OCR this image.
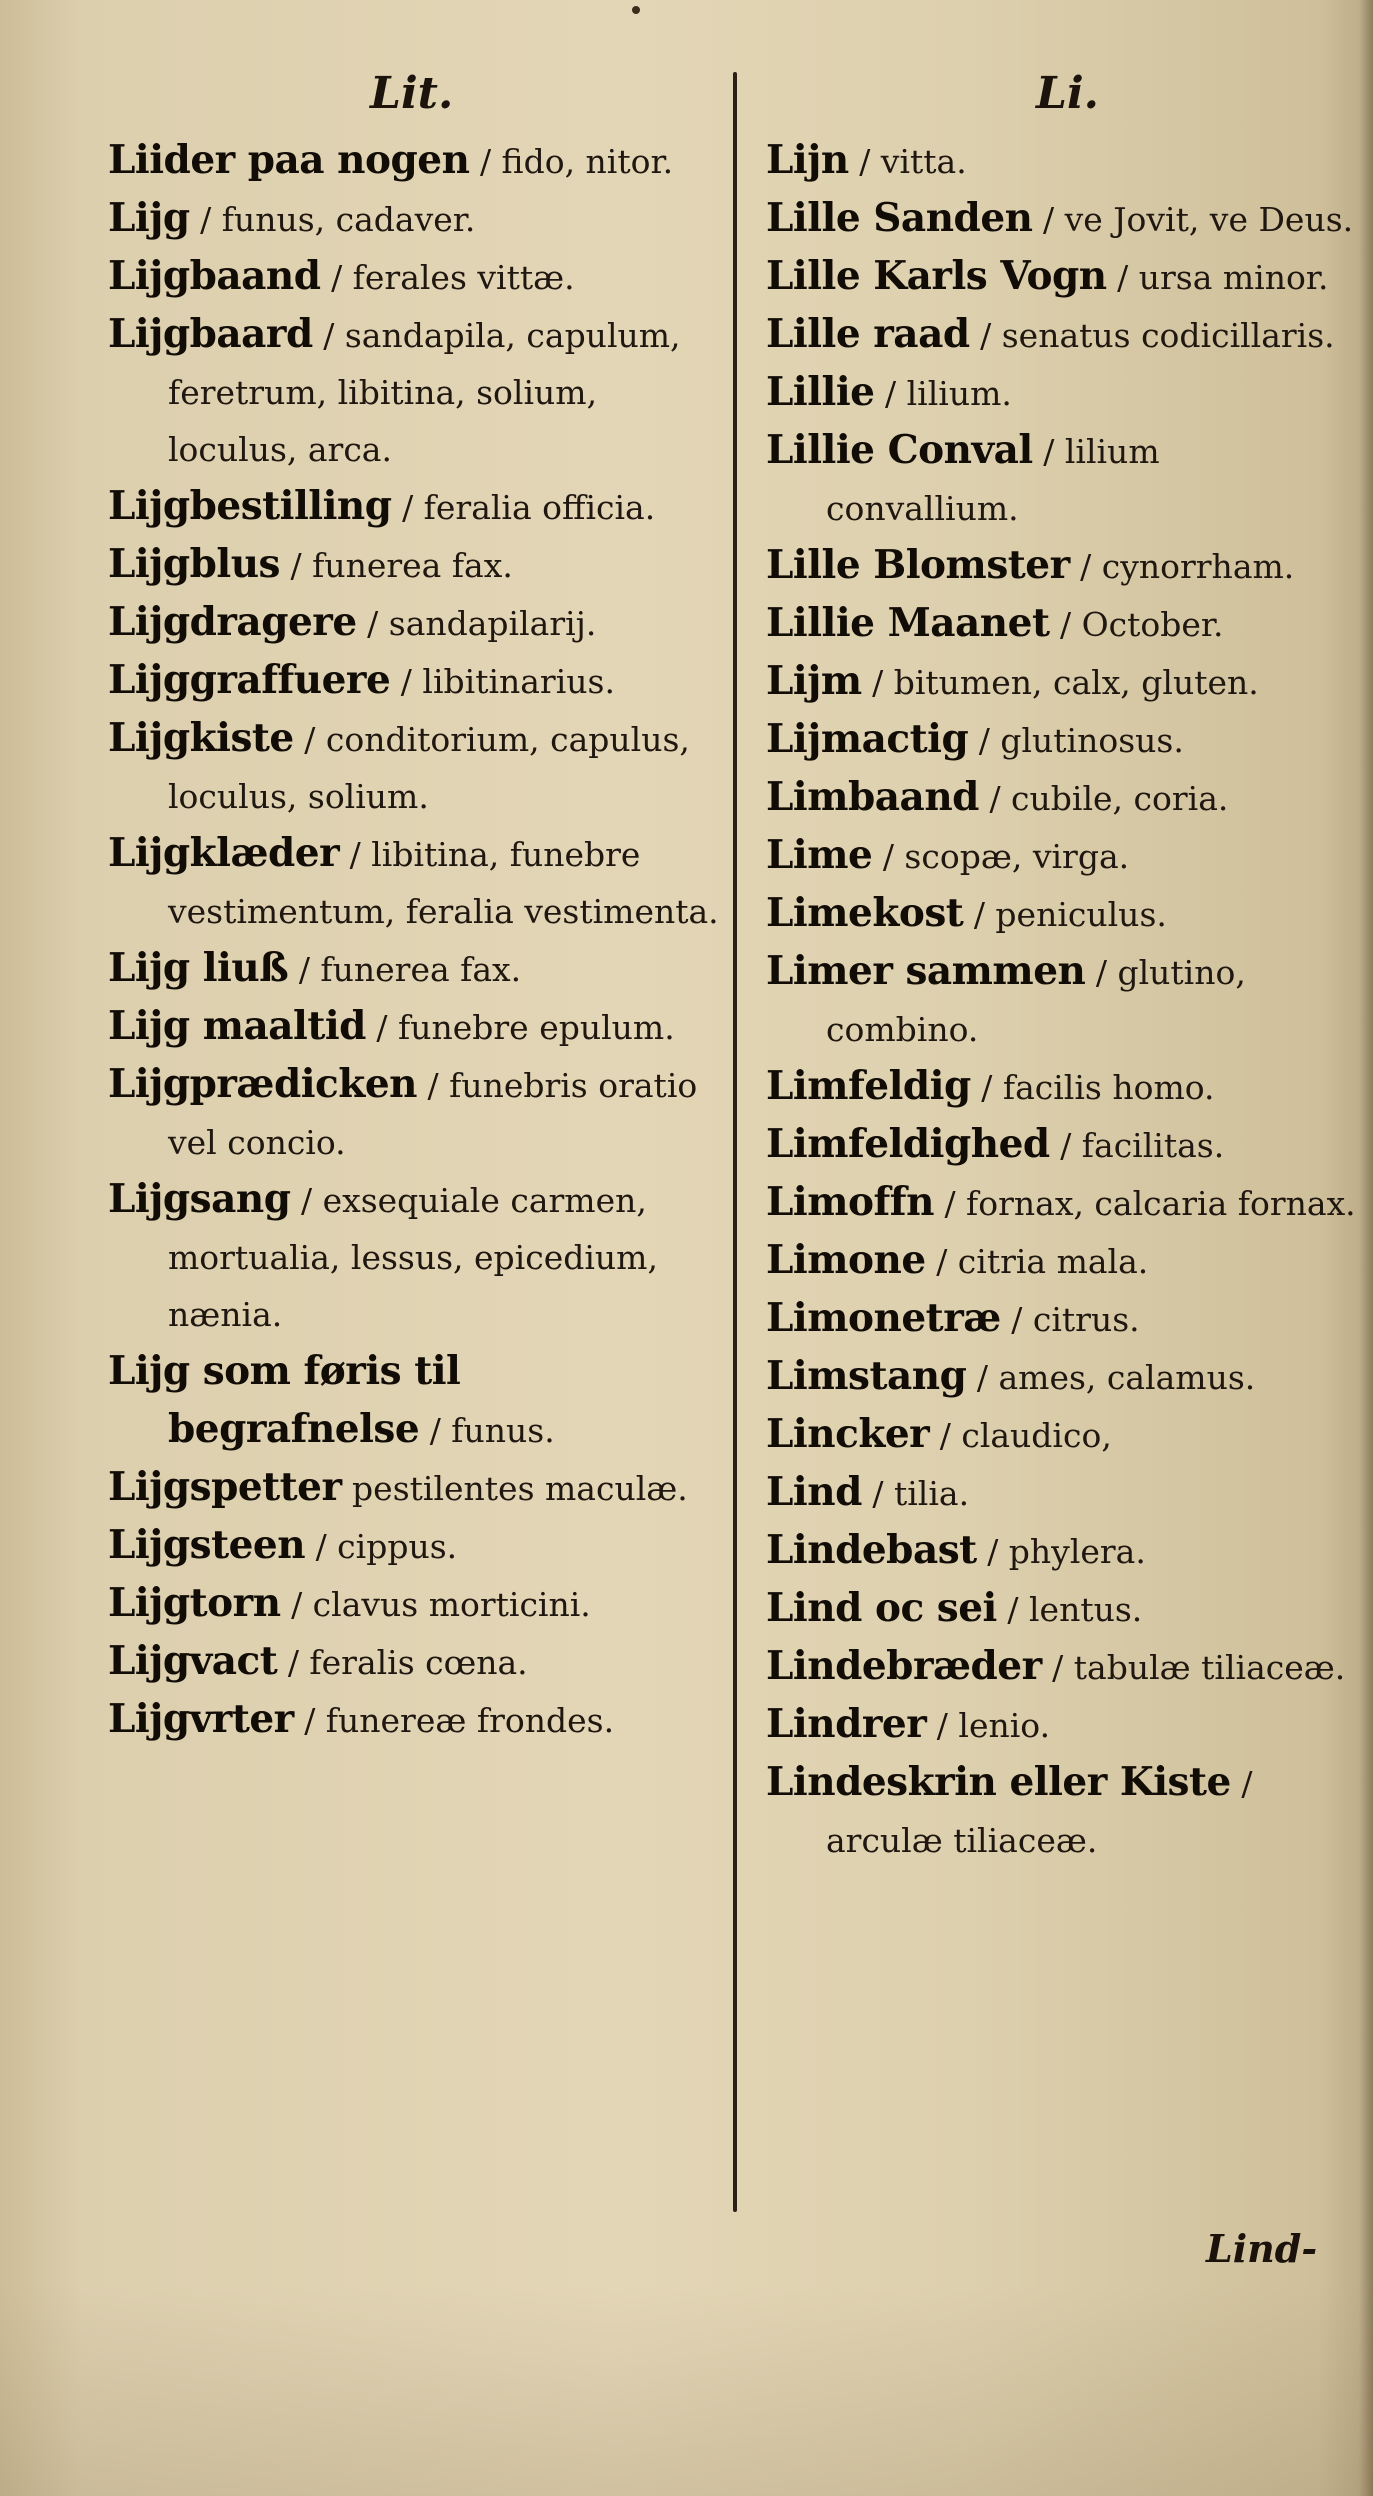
Lit.

Liider paa nogen / fido, nitor.

Lijg / funus, cadaver.

Lijgbaand / ferales vittæ.

Lijgbaard / sandapila, capulum, feretrum, libitina, solium, loculus, arca.

Lijgbestilling / feralia officia.

Lijgblus / funerea fax.

Lijgdragere / sandapilarij.

Lijggraffuere / libitinarius.

Lijgkiste / conditorium, capulus, loculus, solium.

Lijgklæder / libitina, funebre vestimentum, feralia vestimenta.

Lijg liuß / funerea fax.

Lijg maaltid / funebre epulum.

Lijgprædicken / funebris oratio vel concio.

Lijgsang / exsequiale carmen, mortualia, lessus, epicedium, nænia.

Lijg som føris til begrafnelse / funus.

Lijgspetter pestilentes maculæ.

Lijgsteen / cippus.

Lijgtorn / clavus morticini.

Lijgvact / feralis cœna.

Lijgvrter / funereæ frondes.

Li.

Lijn / vitta.

Lille Sanden / ve Jovit, ve Deus.

Lille Karls Vogn / ursa minor.

Lille raad / senatus codicillaris.

Lillie / lilium.

Lillie Conval / lilium convallium.

Lille Blomster / cynorrham.

Lillie Maanet / October.

Lijm / bitumen, calx, gluten.

Lijmactig / glutinosus.

Limbaand / cubile, coria.

Lime / scopæ, virga.

Limekost / peniculus.

Limer sammen / glutino, combino.

Limfeldig / facilis homo.

Limfeldighed / facilitas.

Limoffn / fornax, calcaria fornax.

Limone / citria mala.

Limonetræ / citrus.

Limstang / ames, calamus.

Lincker / claudico,

Lind / tilia.

Lindebast / phylera.

Lind oc sei / lentus.

Lindebræder / tabulæ tiliaceæ.

Lindrer / lenio.

Lindeskrin eller Kiste / arculæ tiliaceæ.

Lind-
